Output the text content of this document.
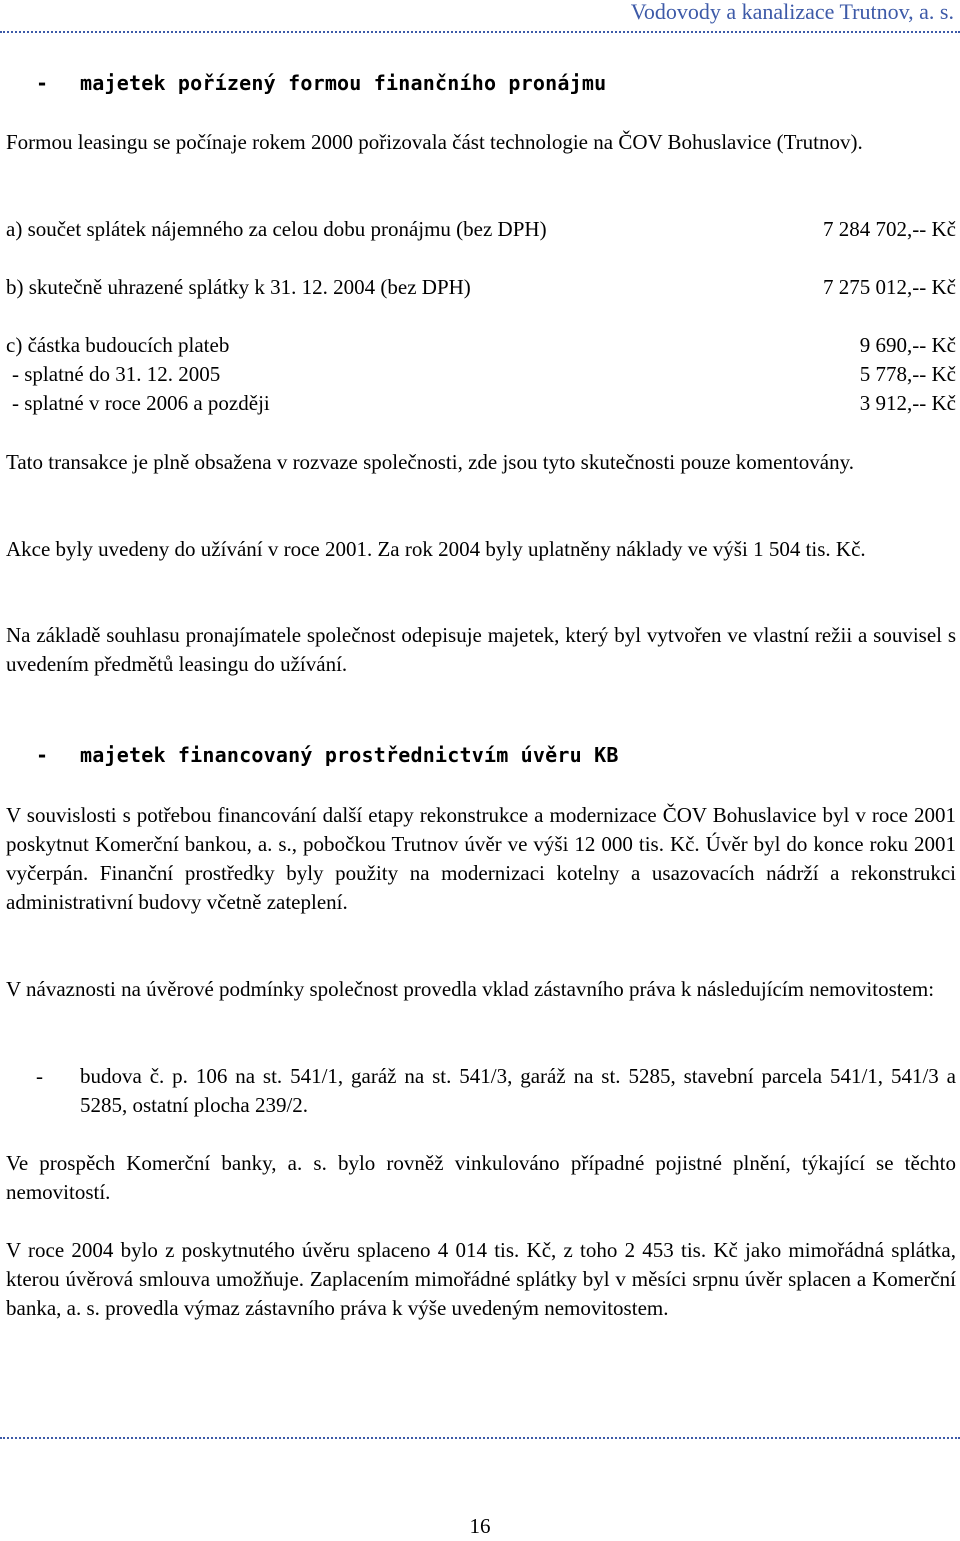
Vodovody a kanalizace Trutnov, a. s.
- majetek pořízený formou finančního pronájmu
Formou leasingu se počínaje rokem 2000 pořizovala část technologie na ČOV Bohuslavice (Trutnov).
a) součet splátek nájemného za celou dobu pronájmu (bez DPH)	7 284 702,-- Kč
b) skutečně uhrazené splátky k 31. 12. 2004 (bez DPH)	7 275 012,-- Kč
c) částka budoucích plateb	9 690,-- Kč
- splatné do 31. 12. 2005	5 778,-- Kč
- splatné v roce 2006 a později	3 912,-- Kč
Tato transakce je plně obsažena v rozvaze společnosti, zde jsou tyto skutečnosti pouze komentovány.
Akce byly uvedeny do užívání v roce 2001. Za rok 2004 byly uplatněny náklady ve výši 1 504 tis. Kč.
Na základě souhlasu pronajímatele společnost odepisuje majetek, který byl vytvořen ve vlastní režii a souvisel s uvedením předmětů leasingu do užívání.
- majetek financovaný prostřednictvím úvěru KB
V souvislosti s potřebou financování další etapy rekonstrukce a modernizace ČOV Bohuslavice byl v roce 2001 poskytnut Komerční bankou, a. s., pobočkou Trutnov úvěr ve výši 12 000 tis. Kč. Úvěr byl do konce roku 2001 vyčerpán. Finanční prostředky byly použity na modernizaci kotelny a usazovacích nádrží a rekonstrukci administrativní budovy včetně zateplení.
V návaznosti na úvěrové podmínky společnost provedla vklad zástavního práva k následujícím nemovitostem:
- budova č. p. 106 na st. 541/1, garáž na st. 541/3, garáž na st. 5285, stavební parcela 541/1, 541/3 a 5285, ostatní plocha 239/2.
Ve prospěch Komerční banky, a. s. bylo rovněž vinkulováno případné pojistné plnění, týkající se těchto nemovitostí.
V roce 2004 bylo z poskytnutého úvěru splaceno 4 014 tis. Kč, z toho 2 453 tis. Kč jako mimořádná splátka, kterou úvěrová smlouva umožňuje. Zaplacením mimořádné splátky byl v měsíci srpnu úvěr splacen a Komerční banka, a. s. provedla výmaz zástavního práva k výše uvedeným nemovitostem.
16
